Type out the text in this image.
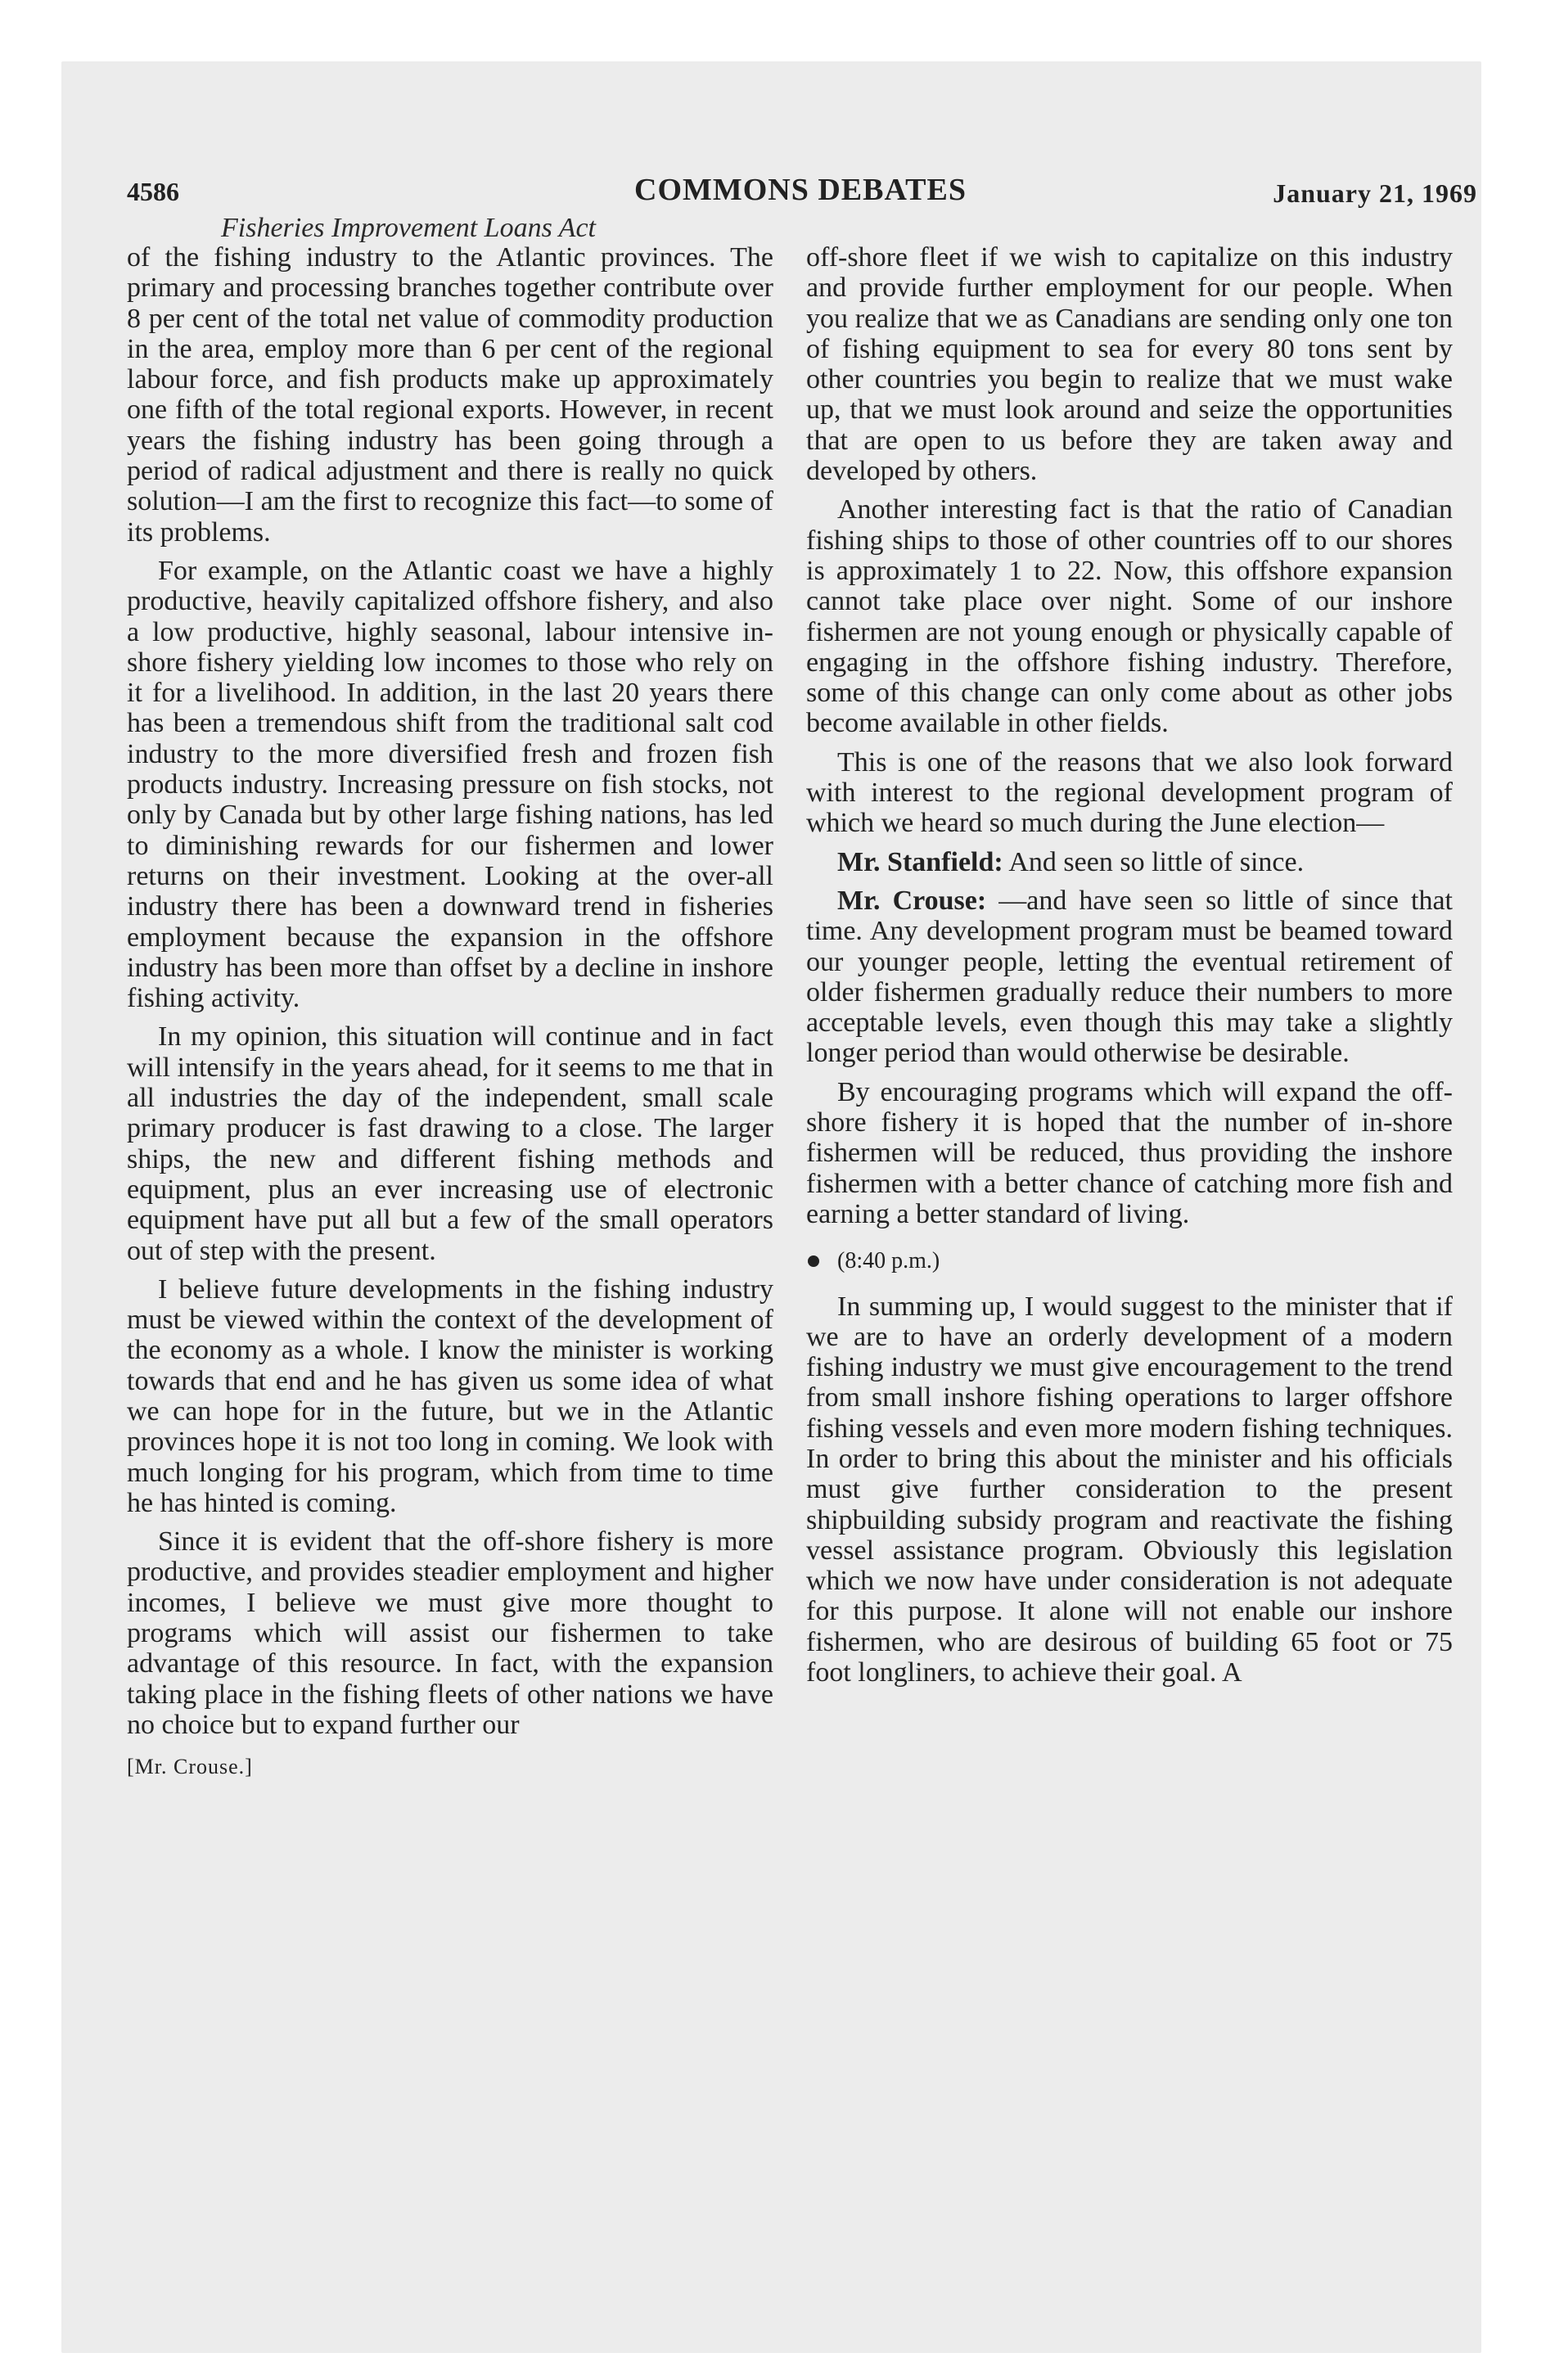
4586	COMMONS DEBATES	January 21, 1969
Fisheries Improvement Loans Act

of the fishing industry to the Atlantic provinces. The primary and processing branches together contribute over 8 per cent of the total net value of commodity production in the area, employ more than 6 per cent of the regional labour force, and fish products make up approximately one fifth of the total regional exports. However, in recent years the fishing industry has been going through a period of radical adjustment and there is really no quick solution—I am the first to recognize this fact—to some of its problems.

For example, on the Atlantic coast we have a highly productive, heavily capitalized offshore fishery, and also a low productive, highly seasonal, labour intensive in-shore fishery yielding low incomes to those who rely on it for a livelihood. In addition, in the last 20 years there has been a tremendous shift from the traditional salt cod industry to the more diversified fresh and frozen fish products industry. Increasing pressure on fish stocks, not only by Canada but by other large fishing nations, has led to diminishing rewards for our fishermen and lower returns on their investment. Looking at the over-all industry there has been a downward trend in fisheries employment because the expansion in the offshore industry has been more than offset by a decline in inshore fishing activity.

In my opinion, this situation will continue and in fact will intensify in the years ahead, for it seems to me that in all industries the day of the independent, small scale primary producer is fast drawing to a close. The larger ships, the new and different fishing methods and equipment, plus an ever increasing use of electronic equipment have put all but a few of the small operators out of step with the present.

I believe future developments in the fishing industry must be viewed within the context of the development of the economy as a whole. I know the minister is working towards that end and he has given us some idea of what we can hope for in the future, but we in the Atlantic provinces hope it is not too long in coming. We look with much longing for his program, which from time to time he has hinted is coming.

Since it is evident that the off-shore fishery is more productive, and provides steadier employment and higher incomes, I believe we must give more thought to programs which will assist our fishermen to take advantage of this resource. In fact, with the expansion taking place in the fishing fleets of other nations we have no choice but to expand further our

[Mr. Crouse.]

off-shore fleet if we wish to capitalize on this industry and provide further employment for our people. When you realize that we as Canadians are sending only one ton of fishing equipment to sea for every 80 tons sent by other countries you begin to realize that we must wake up, that we must look around and seize the opportunities that are open to us before they are taken away and developed by others.

Another interesting fact is that the ratio of Canadian fishing ships to those of other countries off to our shores is approximately 1 to 22. Now, this offshore expansion cannot take place over night. Some of our inshore fishermen are not young enough or physically capable of engaging in the offshore fishing industry. Therefore, some of this change can only come about as other jobs become available in other fields.

This is one of the reasons that we also look forward with interest to the regional development program of which we heard so much during the June election—

Mr. Stanfield: And seen so little of since.

Mr. Crouse: —and have seen so little of since that time. Any development program must be beamed toward our younger people, letting the eventual retirement of older fishermen gradually reduce their numbers to more acceptable levels, even though this may take a slightly longer period than would otherwise be desirable.

By encouraging programs which will expand the off-shore fishery it is hoped that the number of in-shore fishermen will be reduced, thus providing the inshore fishermen with a better chance of catching more fish and earning a better standard of living.

(8:40 p.m.)

In summing up, I would suggest to the minister that if we are to have an orderly development of a modern fishing industry we must give encouragement to the trend from small inshore fishing operations to larger offshore fishing vessels and even more modern fishing techniques. In order to bring this about the minister and his officials must give further consideration to the present shipbuilding subsidy program and reactivate the fishing vessel assistance program. Obviously this legislation which we now have under consideration is not adequate for this purpose. It alone will not enable our inshore fishermen, who are desirous of building 65 foot or 75 foot longliners, to achieve their goal. A
